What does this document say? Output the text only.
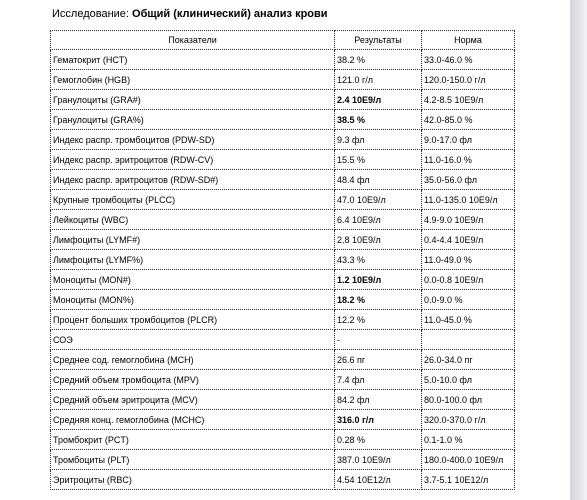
Исследование: Общий (клинический) анализ крови
Показатели	Результаты	Норма
Гематокрит (HCT)	38.2 %	33.0-46.0 %
Гемоглобин (HGB)	121.0 г/л	120.0-150.0 г/л
Гранулоциты (GRA#)	2.4 10E9/л	4.2-8.5 10E9/л
Гранулоциты (GRA%)	38.5 %	42.0-85.0 %
Индекс распр. тромбоцитов (PDW-SD)	9.3 фл	9.0-17.0 фл
Индекс распр. эритроцитов (RDW-CV)	15.5 %	11.0-16.0 %
Индекс распр. эритроцитов (RDW-SD#)	48.4 фл	35.0-56.0 фл
Крупные тромбоциты (PLCC)	47.0 10E9/л	11.0-135.0 10E9/л
Лейкоциты (WBC)	6.4 10E9/л	4.9-9.0 10E9/л
Лимфоциты (LYMF#)	2.8 10E9/л	0.4-4.4 10E9/л
Лимфоциты (LYMF%)	43.3 %	11.0-49.0 %
Моноциты (MON#)	1.2 10E9/л	0.0-0.8 10E9/л
Моноциты (MON%)	18.2 %	0.0-9.0 %
Процент больших тромбоцитов (PLCR)	12.2 %	11.0-45.0 %
СОЭ	-	
Среднее сод. гемоглобина (MCH)	26.6 пг	26.0-34.0 пг
Средний объем тромбоцита (MPV)	7.4 фл	5.0-10.0 фл
Средний объем эритроцита (MCV)	84.2 фл	80.0-100.0 фл
Средняя конц. гемоглобина (MCHC)	316.0 г/л	320.0-370.0 г/л
Тромбокрит (PCT)	0.28 %	0.1-1.0 %
Тромбоциты (PLT)	387.0 10E9/л	180.0-400.0 10E9/л
Эритроциты (RBC)	4.54 10E12/л	3.7-5.1 10E12/л
